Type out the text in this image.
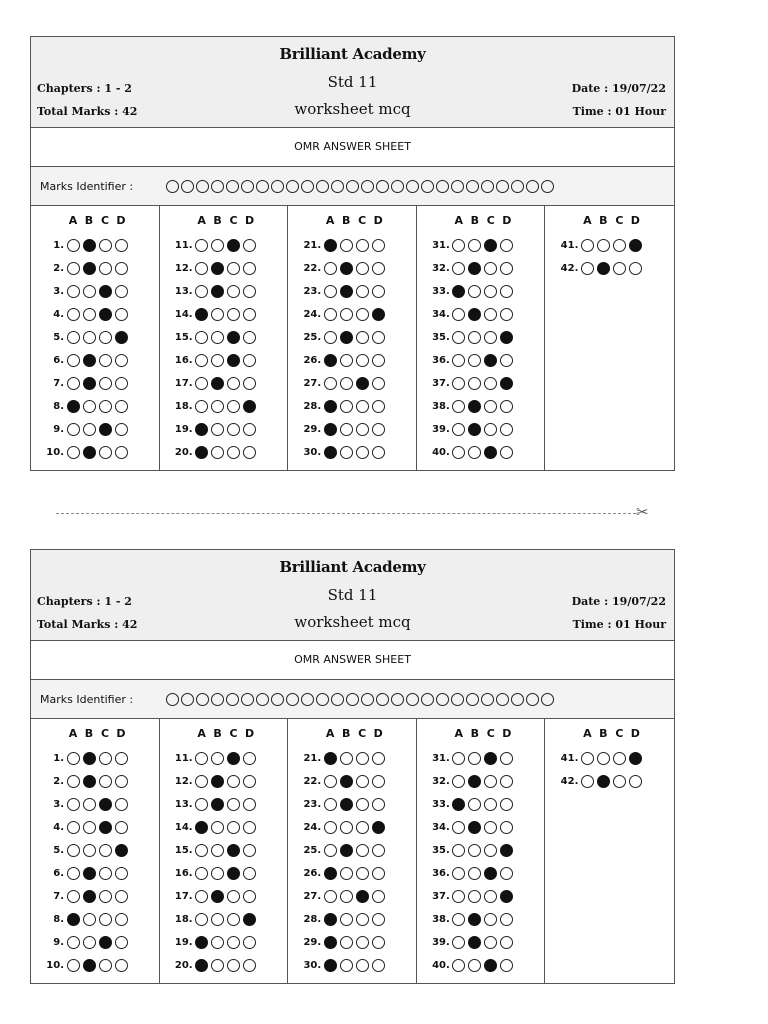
Brilliant Academy
Std 11
worksheet mcq
Chapters : 1 - 2
Total Marks : 42
Date : 19/07/22
Time : 01 Hour
OMR ANSWER SHEET
Marks Identifier :
A B C D
1.
2.
3.
4.
5.
6.
7.
8.
9.
10.
A B C D
11.
12.
13.
14.
15.
16.
17.
18.
19.
20.
A B C D
21.
22.
23.
24.
25.
26.
27.
28.
29.
30.
A B C D
31.
32.
33.
34.
35.
36.
37.
38.
39.
40.
A B C D
41.
42.
✂
Brilliant Academy
Std 11
worksheet mcq
Chapters : 1 - 2
Total Marks : 42
Date : 19/07/22
Time : 01 Hour
OMR ANSWER SHEET
Marks Identifier :
A B C D
1.
2.
3.
4.
5.
6.
7.
8.
9.
10.
A B C D
11.
12.
13.
14.
15.
16.
17.
18.
19.
20.
A B C D
21.
22.
23.
24.
25.
26.
27.
28.
29.
30.
A B C D
31.
32.
33.
34.
35.
36.
37.
38.
39.
40.
A B C D
41.
42.
